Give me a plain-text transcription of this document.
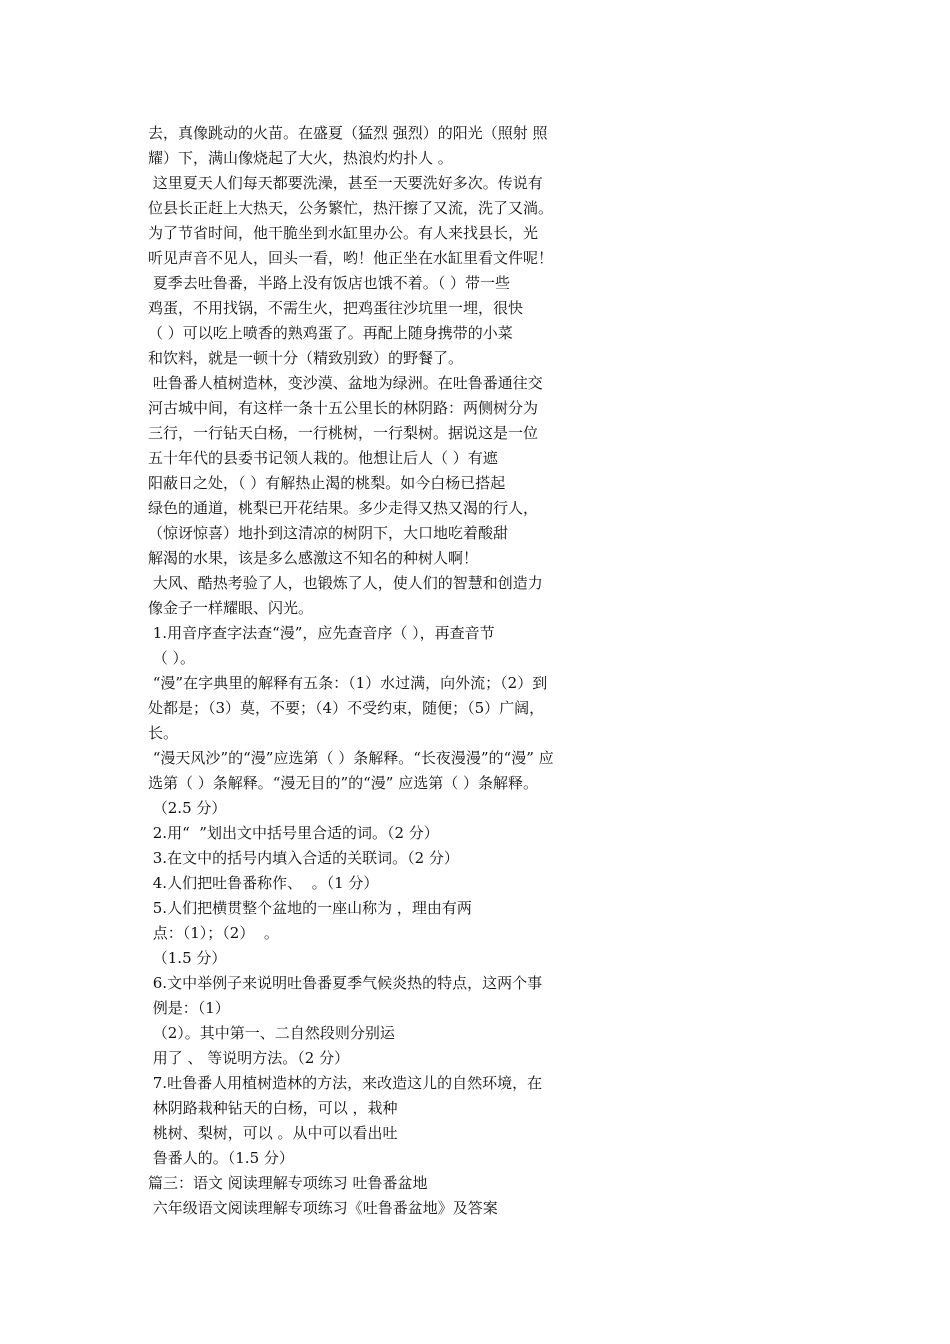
去，真像跳动的火苗。在盛夏（猛烈 强烈）的阳光（照射 照
耀）下，满山像烧起了大火，热浪灼灼扑人 。
这里夏天人们每天都要洗澡，甚至一天要洗好多次。传说有
位县长正赶上大热天，公务繁忙，热汗擦了又流，洗了又淌。
为了节省时间，他干脆坐到水缸里办公。有人来找县长，光
听见声音不见人，回头一看，哟！他正坐在水缸里看文件呢！
夏季去吐鲁番，半路上没有饭店也饿不着。（ ）带一些
鸡蛋，不用找锅，不需生火，把鸡蛋往沙坑里一埋，很快
（ ）可以吃上喷香的熟鸡蛋了。再配上随身携带的小菜
和饮料，就是一顿十分（精致别致）的野餐了。
吐鲁番人植树造林，变沙漠、盆地为绿洲。在吐鲁番通往交
河古城中间，有这样一条十五公里长的林阴路：两侧树分为
三行，一行钻天白杨，一行桃树，一行梨树。据说这是一位
五十年代的县委书记领人栽的。他想让后人（ ）有遮
阳蔽日之处，（ ）有解热止渴的桃梨。如今白杨已搭起
绿色的通道，桃梨已开花结果。多少走得又热又渴的行人，
（惊讶惊喜）地扑到这清凉的树阴下，大口地吃着酸甜
解渴的水果，该是多么感激这不知名的种树人啊！
大风、酷热考验了人，也锻炼了人，使人们的智慧和创造力
像金子一样耀眼、闪光。
1.用音序查字法查“漫”，应先查音序（ ），再查音节
（ ）。
“漫”在字典里的解释有五条：（1）水过满，向外流；（2）到
处都是；（3）莫，不要；（4）不受约束，随便；（5）广阔，
长。
“漫天风沙”的“漫”应选第（ ）条解释。“长夜漫漫”的“漫” 应
选第（ ）条解释。“漫无目的”的“漫” 应选第（ ）条解释。
（2.5 分）
2.用“  ”划出文中括号里合适的词。（2 分）
3.在文中的括号内填入合适的关联词。（2 分）
4.人们把吐鲁番称作、  。（1 分）
5.人们把横贯整个盆地的一座山称为 ，理由有两
点：（1）；（2）  。
（1.5 分）
6.文中举例子来说明吐鲁番夏季气候炎热的特点，这两个事
例是：（1）
（2）。其中第一、二自然段则分别运
用了 、 等说明方法。（2 分）
7.吐鲁番人用植树造林的方法，来改造这儿的自然环境，在
林阴路栽种钻天的白杨，可以 ，栽种
桃树、梨树，可以 。从中可以看出吐
鲁番人的。（1.5 分）
篇三：语文 阅读理解专项练习 吐鲁番盆地
六年级语文阅读理解专项练习《吐鲁番盆地》及答案
